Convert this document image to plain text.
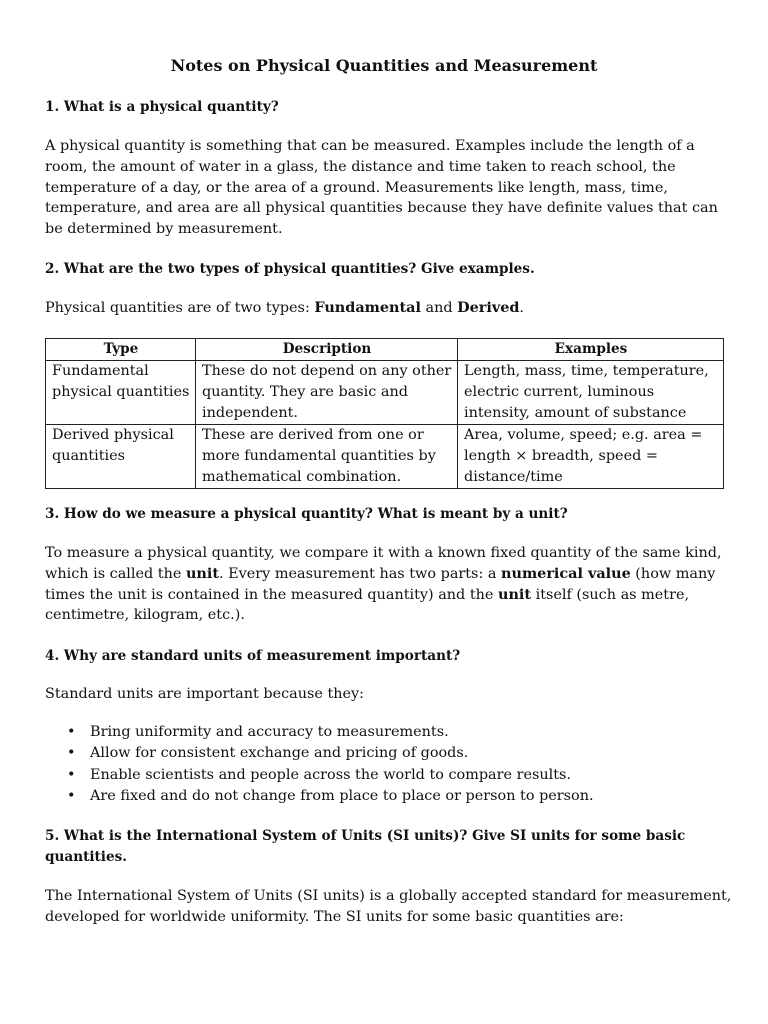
Notes on Physical Quantities and Measurement
1. What is a physical quantity?
A physical quantity is something that can be measured. Examples include the length of a room, the amount of water in a glass, the distance and time taken to reach school, the temperature of a day, or the area of a ground. Measurements like length, mass, time, temperature, and area are all physical quantities because they have definite values that can be determined by measurement.
2. What are the two types of physical quantities? Give examples.
Physical quantities are of two types: Fundamental and Derived.
Type	Description	Examples
Fundamental physical quantities	These do not depend on any other quantity. They are basic and independent.	Length, mass, time, temperature, electric current, luminous intensity, amount of substance
Derived physical quantities	These are derived from one or more fundamental quantities by mathematical combination.	Area, volume, speed; e.g. area = length × breadth, speed = distance/time
3. How do we measure a physical quantity? What is meant by a unit?
To measure a physical quantity, we compare it with a known fixed quantity of the same kind, which is called the unit. Every measurement has two parts: a numerical value (how many times the unit is contained in the measured quantity) and the unit itself (such as metre, centimetre, kilogram, etc.).
4. Why are standard units of measurement important?
Standard units are important because they:
• Bring uniformity and accuracy to measurements.
• Allow for consistent exchange and pricing of goods.
• Enable scientists and people across the world to compare results.
• Are fixed and do not change from place to place or person to person.
5. What is the International System of Units (SI units)? Give SI units for some basic quantities.
The International System of Units (SI units) is a globally accepted standard for measurement, developed for worldwide uniformity. The SI units for some basic quantities are:
